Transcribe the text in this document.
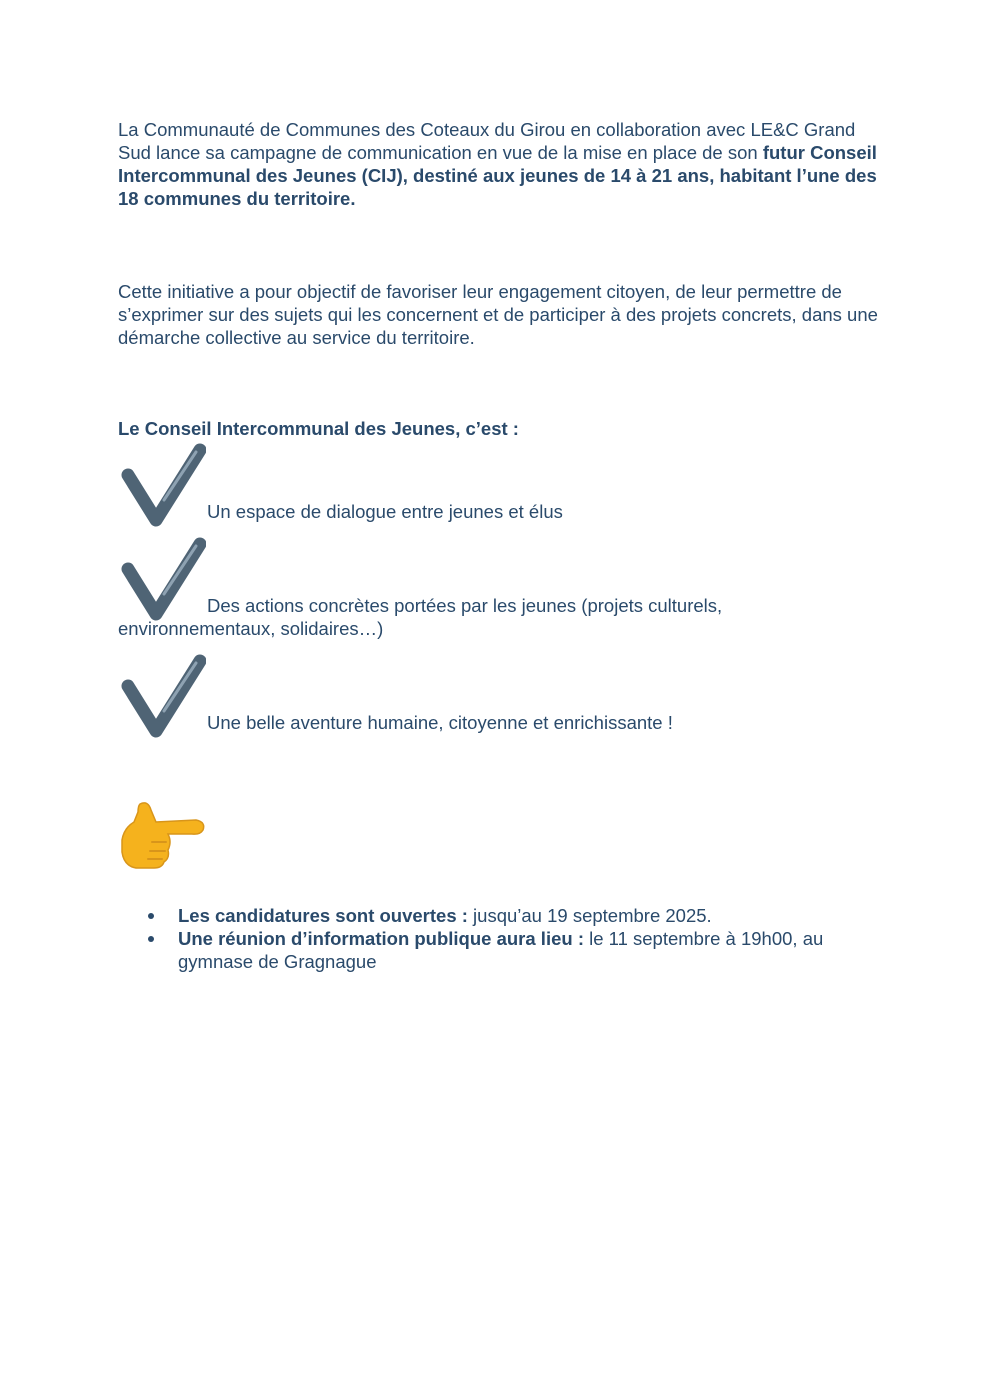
La Communauté de Communes des Coteaux du Girou en collaboration avec LE&C Grand Sud lance sa campagne de communication en vue de la mise en place de son futur Conseil Intercommunal des Jeunes (CIJ), destiné aux jeunes de 14 à 21 ans, habitant l’une des 18 communes du territoire.

Cette initiative a pour objectif de favoriser leur engagement citoyen, de leur permettre de s’exprimer sur des sujets qui les concernent et de participer à des projets concrets, dans une démarche collective au service du territoire.

Le Conseil Intercommunal des Jeunes, c’est :

Un espace de dialogue entre jeunes et élus
Des actions concrètes portées par les jeunes (projets culturels, environnementaux, solidaires…)
Une belle aventure humaine, citoyenne et enrichissante !
Les candidatures sont ouvertes : jusqu’au 19 septembre 2025.
Une réunion d’information publique aura lieu : le 11 septembre à 19h00, au gymnase de Gragnague
